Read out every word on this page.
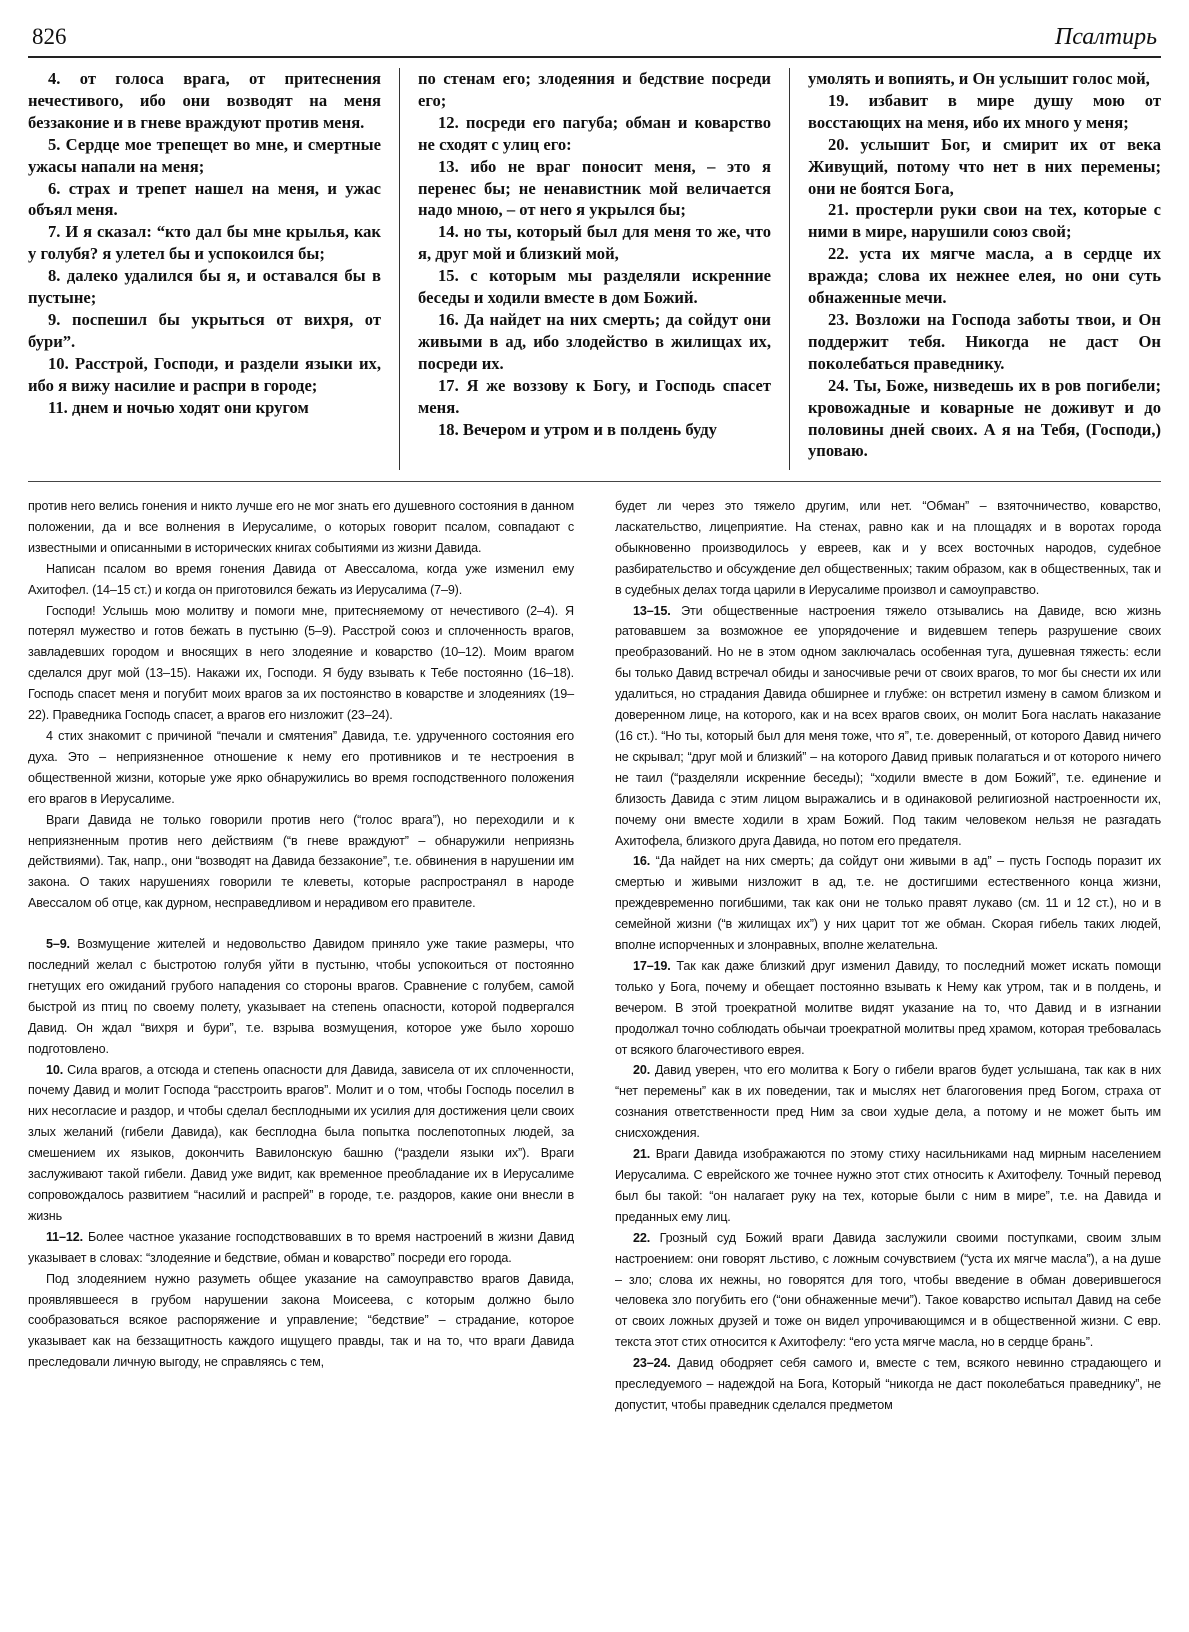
826	Псалтирь

4. от голоса врага, от притеснения нечестивого, ибо они возводят на меня беззаконие и в гневе враждуют против меня.

5. Сердце мое трепещет во мне, и смертные ужасы напали на меня;

6. страх и трепет нашел на меня, и ужас объял меня.

7. И я сказал: “кто дал бы мне крылья, как у голубя? я улетел бы и успокоился бы;

8. далеко удалился бы я, и оставался бы в пустыне;

9. поспешил бы укрыться от вихря, от бури”.

10. Расстрой, Господи, и раздели языки их, ибо я вижу насилие и распри в городе;

11. днем и ночью ходят они кругом

по стенам его; злодеяния и бедствие посреди его;

12. посреди его пагуба; обман и коварство не сходят с улиц его:

13. ибо не враг поносит меня, – это я перенес бы; не ненавистник мой величается надо мною, – от него я укрылся бы;

14. но ты, который был для меня то же, что я, друг мой и близкий мой,

15. с которым мы разделяли искренние беседы и ходили вместе в дом Божий.

16. Да найдет на них смерть; да сойдут они живыми в ад, ибо злодейство в жилищах их, посреди их.

17. Я же воззову к Богу, и Господь спасет меня.

18. Вечером и утром и в полдень буду

умолять и вопиять, и Он услышит голос мой,

19. избавит в мире душу мою от восстающих на меня, ибо их много у меня;

20. услышит Бог, и смирит их от века Живущий, потому что нет в них перемены; они не боятся Бога,

21. простерли руки свои на тех, которые с ними в мире, нарушили союз свой;

22. уста их мягче масла, а в сердце их вражда; слова их нежнее елея, но они суть обнаженные мечи.

23. Возложи на Господа заботы твои, и Он поддержит тебя. Никогда не даст Он поколебаться праведнику.

24. Ты, Боже, низведешь их в ров погибели; кровожадные и коварные не доживут и до половины дней своих. А я на Тебя, (Господи,) уповаю.

против него велись гонения и никто лучше его не мог знать его душевного состояния в данном положении, да и все волнения в Иерусалиме, о которых говорит псалом, совпадают с известными и описанными в исторических книгах событиями из жизни Давида.

Написан псалом во время гонения Давида от Авессалома, когда уже изменил ему Ахитофел. (14–15 ст.) и когда он приготовился бежать из Иерусалима (7–9).

Господи! Услышь мою молитву и помоги мне, притесняемому от нечестивого (2–4). Я потерял мужество и готов бежать в пустыню (5–9). Расстрой союз и сплоченность врагов, завладевших городом и вносящих в него злодеяние и коварство (10–12). Моим врагом сделался друг мой (13–15). Накажи их, Господи. Я буду взывать к Тебе постоянно (16–18). Господь спасет меня и погубит моих врагов за их постоянство в коварстве и злодеяниях (19–22). Праведника Господь спасет, а врагов его низложит (23–24).

4 стих знакомит с причиной “печали и смятения” Давида, т.е. удрученного состояния его духа. Это – неприязненное отношение к нему его противников и те нестроения в общественной жизни, которые уже ярко обнаружились во время господственного положения его врагов в Иерусалиме.

Враги Давида не только говорили против него (“голос врага”), но переходили и к неприязненным против него действиям (“в гневе враждуют” – обнаружили неприязнь действиями). Так, напр., они “возводят на Давида беззаконие”, т.е. обвинения в нарушении им закона. О таких нарушениях говорили те клеветы, которые распространял в народе Авессалом об отце, как дурном, несправедливом и нерадивом его правителе.

5–9. Возмущение жителей и недовольство Давидом приняло уже такие размеры, что последний желал с быстротою голубя уйти в пустыню, чтобы успокоиться от постоянно гнетущих его ожиданий грубого нападения со стороны врагов. Сравнение с голубем, самой быстрой из птиц по своему полету, указывает на степень опасности, которой подвергался Давид. Он ждал “вихря и бури”, т.е. взрыва возмущения, которое уже было хорошо подготовлено.

10. Сила врагов, а отсюда и степень опасности для Давида, зависела от их сплоченности, почему Давид и молит Господа “расстроить врагов”. Молит и о том, чтобы Господь поселил в них несогласие и раздор, и чтобы сделал бесплодными их усилия для достижения цели своих злых желаний (гибели Давида), как бесплодна была попытка послепотопных людей, за смешением их языков, докончить Вавилонскую башню (“раздели языки их”). Враги заслуживают такой гибели. Давид уже видит, как временное преобладание их в Иерусалиме сопровождалось развитием “насилий и распрей” в городе, т.е. раздоров, какие они внесли в жизнь

11–12. Более частное указание господствовавших в то время настроений в жизни Давид указывает в словах: “злодеяние и бедствие, обман и коварство” посреди его города.

Под злодеянием нужно разуметь общее указание на самоуправство врагов Давида, проявлявшееся в грубом нарушении закона Моисеева, с которым должно было сообразоваться всякое распоряжение и управление; “бедствие” – страдание, которое указывает как на беззащитность каждого ищущего правды, так и на то, что враги Давида преследовали личную выгоду, не справляясь с тем,

будет ли через это тяжело другим, или нет. “Обман” – взяточничество, коварство, ласкательство, лицеприятие. На стенах, равно как и на площадях и в воротах города обыкновенно производилось у евреев, как и у всех восточных народов, судебное разбирательство и обсуждение дел общественных; таким образом, как в общественных, так и в судебных делах тогда царили в Иерусалиме произвол и самоуправство.

13–15. Эти общественные настроения тяжело отзывались на Давиде, всю жизнь ратовавшем за возможное ее упорядочение и видевшем теперь разрушение своих преобразований. Но не в этом одном заключалась особенная туга, душевная тяжесть: если бы только Давид встречал обиды и заносчивые речи от своих врагов, то мог бы снести их или удалиться, но страдания Давида обширнее и глубже: он встретил измену в самом близком и доверенном лице, на которого, как и на всех врагов своих, он молит Бога наслать наказание (16 ст.). “Но ты, который был для меня тоже, что я”, т.е. доверенный, от которого Давид ничего не скрывал; “друг мой и близкий” – на которого Давид привык полагаться и от которого ничего не таил (“разделяли искренние беседы); “ходили вместе в дом Божий”, т.е. единение и близость Давида с этим лицом выражались и в одинаковой религиозной настроенности их, почему они вместе ходили в храм Божий. Под таким человеком нельзя не разгадать Ахитофела, близкого друга Давида, но потом его предателя.

16. “Да найдет на них смерть; да сойдут они живыми в ад” – пусть Господь поразит их смертью и живыми низложит в ад, т.е. не достигшими естественного конца жизни, преждевременно погибшими, так как они не только правят лукаво (см. 11 и 12 ст.), но и в семейной жизни (“в жилищах их”) у них царит тот же обман. Скорая гибель таких людей, вполне испорченных и злонравных, вполне желательна.

17–19. Так как даже близкий друг изменил Давиду, то последний может искать помощи только у Бога, почему и обещает постоянно взывать к Нему как утром, так и в полдень, и вечером. В этой троекратной молитве видят указание на то, что Давид и в изгнании продолжал точно соблюдать обычаи троекратной молитвы пред храмом, которая требовалась от всякого благочестивого еврея.

20. Давид уверен, что его молитва к Богу о гибели врагов будет услышана, так как в них “нет перемены” как в их поведении, так и мыслях нет благоговения пред Богом, страха от сознания ответственности пред Ним за свои худые дела, а потому и не может быть им снисхождения.

21. Враги Давида изображаются по этому стиху насильниками над мирным населением Иерусалима. С еврейского же точнее нужно этот стих относить к Ахитофелу. Точный перевод был бы такой: “он налагает руку на тех, которые были с ним в мире”, т.е. на Давида и преданных ему лиц.

22. Грозный суд Божий враги Давида заслужили своими поступками, своим злым настроением: они говорят льстиво, с ложным сочувствием (“уста их мягче масла”), а на душе – зло; слова их нежны, но говорятся для того, чтобы введение в обман доверившегося человека зло погубить его (“они обнаженные мечи”). Такое коварство испытал Давид на себе от своих ложных друзей и тоже он видел упрочивающимся и в общественной жизни. С евр. текста этот стих относится к Ахитофелу: “его уста мягче масла, но в сердце брань”.

23–24. Давид ободряет себя самого и, вместе с тем, всякого невинно страдающего и преследуемого – надеждой на Бога, Который “никогда не даст поколебаться праведнику”, не допустит, чтобы праведник сделался предметом
